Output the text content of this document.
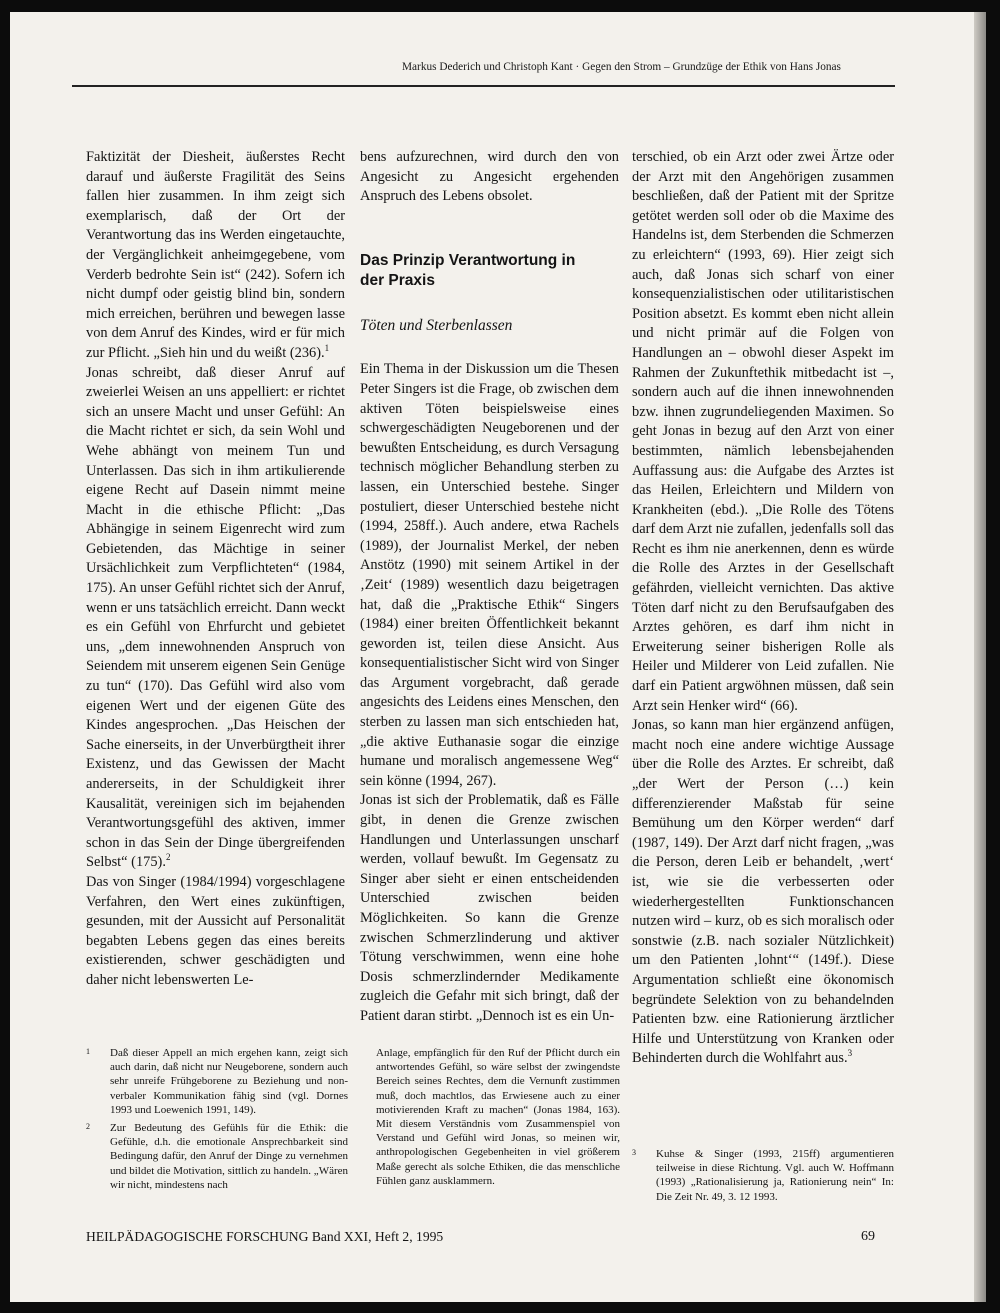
Markus Dederich und Christoph Kant · Gegen den Strom – Grundzüge der Ethik von Hans Jonas

Faktizität der Diesheit, äußerstes Recht darauf und äußerste Fragilität des Seins fallen hier zusammen. In ihm zeigt sich exemplarisch, daß der Ort der Verantwortung das ins Werden eingetauchte, der Vergänglichkeit anheimgegebene, vom Verderb bedrohte Sein ist“ (242). Sofern ich nicht dumpf oder geistig blind bin, sondern mich erreichen, berühren und bewegen lasse von dem Anruf des Kindes, wird er für mich zur Pflicht. „Sieh hin und du weißt (236).$^1$

Jonas schreibt, daß dieser Anruf auf zweierlei Weisen an uns appelliert: er richtet sich an unsere Macht und unser Gefühl: An die Macht richtet er sich, da sein Wohl und Wehe abhängt von meinem Tun und Unterlassen. Das sich in ihm artikulierende eigene Recht auf Dasein nimmt meine Macht in die ethische Pflicht: „Das Abhängige in seinem Eigenrecht wird zum Gebietenden, das Mächtige in seiner Ursächlichkeit zum Verpflichteten“ (1984, 175). An unser Gefühl richtet sich der Anruf, wenn er uns tatsächlich erreicht. Dann weckt es ein Gefühl von Ehrfurcht und gebietet uns, „dem innewohnenden Anspruch von Seiendem mit unserem eigenen Sein Genüge zu tun“ (170). Das Gefühl wird also vom eigenen Wert und der eigenen Güte des Kindes angesprochen. „Das Heischen der Sache einerseits, in der Unverbürgtheit ihrer Existenz, und das Gewissen der Macht andererseits, in der Schuldigkeit ihrer Kausalität, vereinigen sich im bejahenden Verantwortungsgefühl des aktiven, immer schon in das Sein der Dinge übergreifenden Selbst“ (175).$^2$

Das von Singer (1984/1994) vorgeschlagene Verfahren, den Wert eines zukünftigen, gesunden, mit der Aussicht auf Personalität begabten Lebens gegen das eines bereits existierenden, schwer geschädigten und daher nicht lebenswerten Le-

bens aufzurechnen, wird durch den von Angesicht zu Angesicht ergehenden Anspruch des Lebens obsolet.

Das Prinzip Verantwortung in der Praxis
Töten und Sterbenlassen

Ein Thema in der Diskussion um die Thesen Peter Singers ist die Frage, ob zwischen dem aktiven Töten beispielsweise eines schwergeschädigten Neugeborenen und der bewußten Entscheidung, es durch Versagung technisch möglicher Behandlung sterben zu lassen, ein Unterschied bestehe. Singer postuliert, dieser Unterschied bestehe nicht (1994, 258ff.). Auch andere, etwa Rachels (1989), der Journalist Merkel, der neben Anstötz (1990) mit seinem Artikel in der ‚Zeit‘ (1989) wesentlich dazu beigetragen hat, daß die „Praktische Ethik“ Singers (1984) einer breiten Öffentlichkeit bekannt geworden ist, teilen diese Ansicht. Aus konsequentialistischer Sicht wird von Singer das Argument vorgebracht, daß gerade angesichts des Leidens eines Menschen, den sterben zu lassen man sich entschieden hat, „die aktive Euthanasie sogar die einzige humane und moralisch angemessene Weg“ sein könne (1994, 267).

Jonas ist sich der Problematik, daß es Fälle gibt, in denen die Grenze zwischen Handlungen und Unterlassungen unscharf werden, vollauf bewußt. Im Gegensatz zu Singer aber sieht er einen entscheidenden Unterschied zwischen beiden Möglichkeiten. So kann die Grenze zwischen Schmerzlinderung und aktiver Tötung verschwimmen, wenn eine hohe Dosis schmerzlindernder Medikamente zugleich die Gefahr mit sich bringt, daß der Patient daran stirbt. „Dennoch ist es ein Un-

terschied, ob ein Arzt oder zwei Ärtze oder der Arzt mit den Angehörigen zusammen beschließen, daß der Patient mit der Spritze getötet werden soll oder ob die Maxime des Handelns ist, dem Sterbenden die Schmerzen zu erleichtern“ (1993, 69). Hier zeigt sich auch, daß Jonas sich scharf von einer konsequenzialistischen oder utilitaristischen Position absetzt. Es kommt eben nicht allein und nicht primär auf die Folgen von Handlungen an – obwohl dieser Aspekt im Rahmen der Zukunftethik mitbedacht ist –, sondern auch auf die ihnen innewohnenden bzw. ihnen zugrundeliegenden Maximen. So geht Jonas in bezug auf den Arzt von einer bestimmten, nämlich lebensbejahenden Auffassung aus: die Aufgabe des Arztes ist das Heilen, Erleichtern und Mildern von Krankheiten (ebd.). „Die Rolle des Tötens darf dem Arzt nie zufallen, jedenfalls soll das Recht es ihm nie anerkennen, denn es würde die Rolle des Arztes in der Gesellschaft gefährden, vielleicht vernichten. Das aktive Töten darf nicht zu den Berufsaufgaben des Arztes gehören, es darf ihm nicht in Erweiterung seiner bisherigen Rolle als Heiler und Milderer von Leid zufallen. Nie darf ein Patient argwöhnen müssen, daß sein Arzt sein Henker wird“ (66).

Jonas, so kann man hier ergänzend anfügen, macht noch eine andere wichtige Aussage über die Rolle des Arztes. Er schreibt, daß „der Wert der Person (…) kein differenzierender Maßstab für seine Bemühung um den Körper werden“ darf (1987, 149). Der Arzt darf nicht fragen, „was die Person, deren Leib er behandelt, ‚wert‘ ist, wie sie die verbesserten oder wiederhergestellten Funktionschancen nutzen wird – kurz, ob es sich moralisch oder sonstwie (z.B. nach sozialer Nützlichkeit) um den Patienten ‚lohnt‘“ (149f.). Diese Argumentation schließt eine ökonomisch begründete Selektion von zu behandelnden Patienten bzw. eine Rationierung ärztlicher Hilfe und Unterstützung von Kranken oder Behinderten durch die Wohlfahrt aus.$^3$

1	Daß dieser Appell an mich ergehen kann, zeigt sich auch darin, daß nicht nur Neugeborene, sondern auch sehr unreife Frühgeborene zu Beziehung und non-verbaler Kommunikation fähig sind (vgl. Dornes 1993 und Loewenich 1991, 149).
2	Zur Bedeutung des Gefühls für die Ethik: die Gefühle, d.h. die emotionale Ansprechbarkeit sind Bedingung dafür, den Anruf der Dinge zu vernehmen und bildet die Motivation, sittlich zu handeln. „Wären wir nicht, mindestens nach
Anlage, empfänglich für den Ruf der Pflicht durch ein antwortendes Gefühl, so wäre selbst der zwingendste Bereich seines Rechtes, dem die Vernunft zustimmen muß, doch machtlos, das Erwiesene auch zu einer motivierenden Kraft zu machen“ (Jonas 1984, 163). Mit diesem Verständnis vom Zusammenspiel von Verstand und Gefühl wird Jonas, so meinen wir, anthropologischen Gegebenheiten in viel größerem Maße gerecht als solche Ethiken, die das menschliche Fühlen ganz ausklammern.
3	Kuhse & Singer (1993, 215ff) argumentieren teilweise in diese Richtung. Vgl. auch W. Hoffmann (1993) „Rationalisierung ja, Rationierung nein“ In: Die Zeit Nr. 49, 3. 12 1993.
HEILPÄDAGOGISCHE FORSCHUNG Band XXI, Heft 2, 1995	69
